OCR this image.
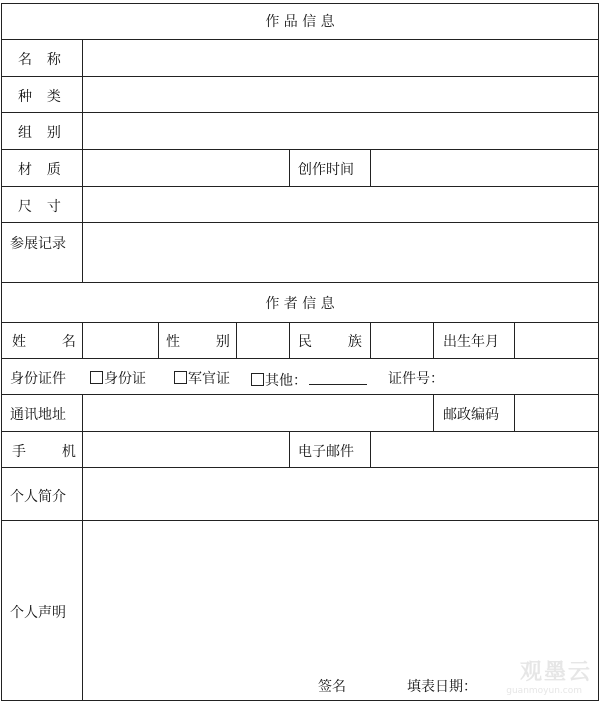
作 品 信 息
名  称
种  类
组  别
材  质	创作时间
尺  寸
参展记录
作 者 信 息
姓  名	性  别	民  族	出生年月
身份证件	身份证	军官证	其他：	证件号：
通讯地址	邮政编码
手  机	电子邮件
个人简介
个人声明
签名	填表日期：
观墨云
guanmoyun.com
